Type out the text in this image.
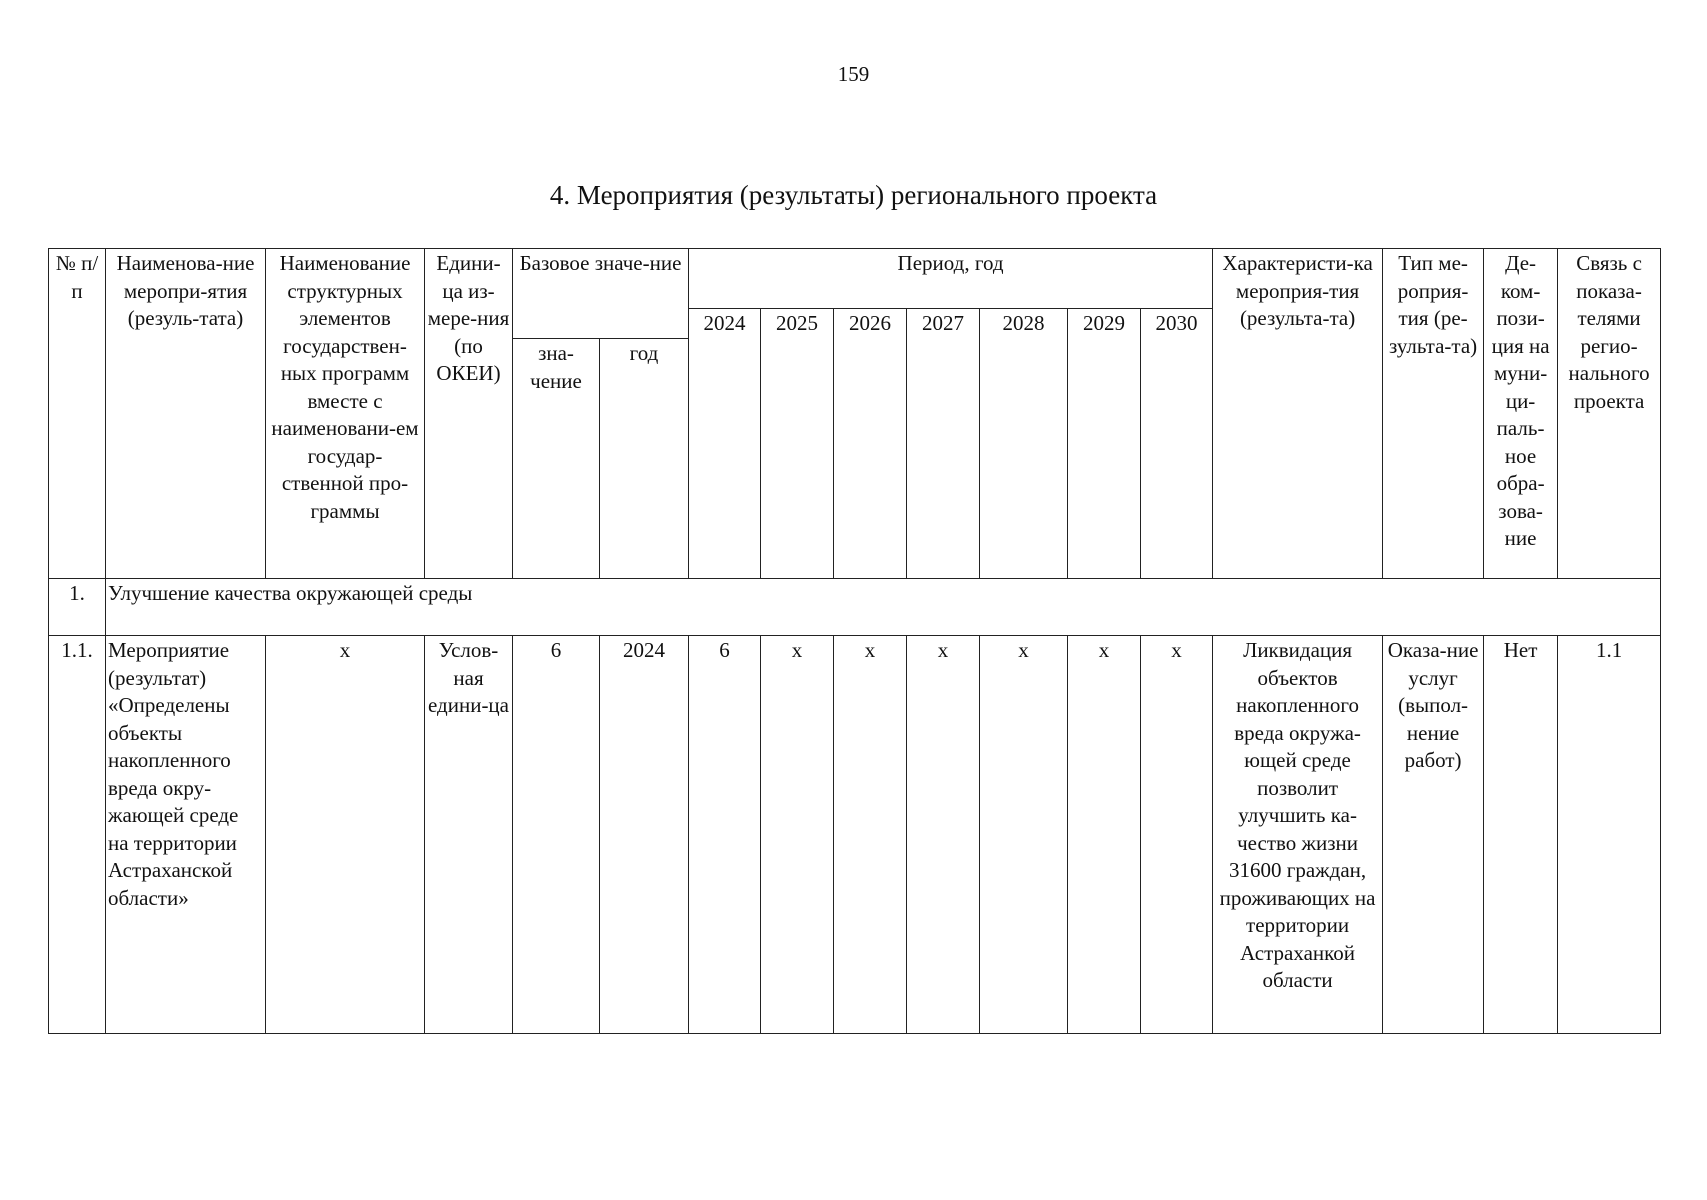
159
4. Мероприятия (результаты) регионального проекта
№ п/п	Наименова-ние меропри-ятия (резуль-тата)	Наименование структурных элементов государствен-ных программ вместе с наименовани-ем государ-ственной про-граммы	Едини-ца из-мере-ния (по ОКЕИ)	Базовое значе-ние		Период, год							Характеристи-ка мероприя-тия (результа-та)	Тип ме-роприя-тия (ре-зульта-та)	Де-ком-пози-ция на муни-ци-паль-ное обра-зова-ние	Связь с показа-телями регио-нального проекта
						2024	2025	2026	2027	2028	2029	2030				
				зна-чение	год											
1.	Улучшение качества окружающей среды															
1.1.	Мероприятие (результат) «Определены объекты накопленного вреда окру-жающей среде на территории Астраханской области»	x	Услов-ная едини-ца	6	2024	6	x	x	x	x	x	x	Ликвидация объектов накопленного вреда окружа-ющей среде позволит улучшить ка-чество жизни 31600 граждан, проживающих на территории Астраханкой области	Оказа-ние услуг (выпол-нение работ)	Нет	1.1
